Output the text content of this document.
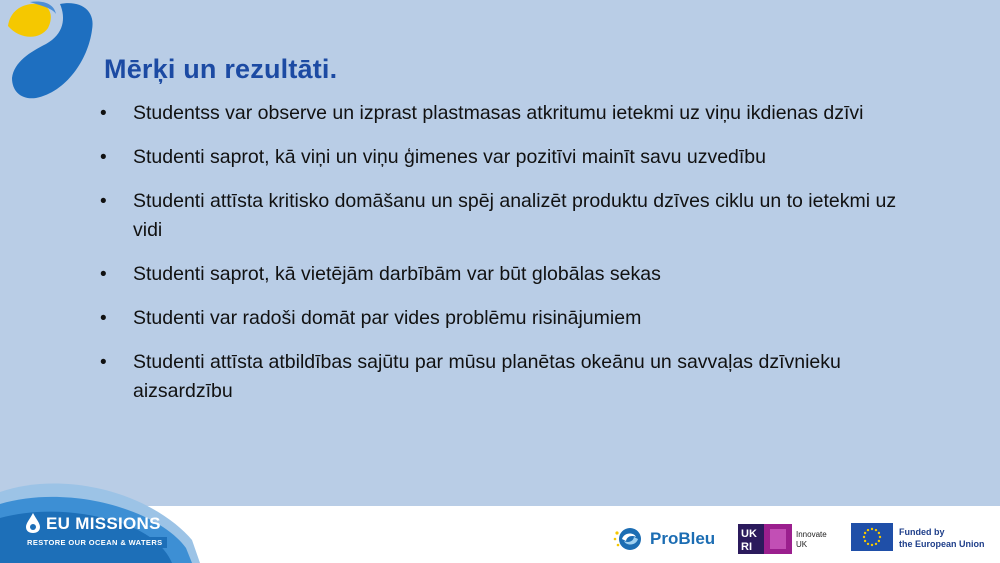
Mērķi un rezultāti.
• Studentss var observe un izprast plastmasas atkritumu ietekmi uz viņu ikdienas dzīvi
• Studenti saprot, kā viņi un viņu ģimenes var pozitīvi mainīt savu uzvedību
• Studenti attīsta kritisko domāšanu un spēj analizēt produktu dzīves ciklu un to ietekmi uz vidi
• Studenti saprot, kā vietējām darbībām var būt globālas sekas
• Studenti var radoši domāt par vides problēmu risinājumiem
• Studenti attīsta atbildības sajūtu par mūsu planētas okeānu un savvaļas dzīvnieku aizsardzību
EU MISSIONS
RESTORE OUR OCEAN & WATERS	ProBleu UK
RI
Innovate
UK
Funded by
the European Union
